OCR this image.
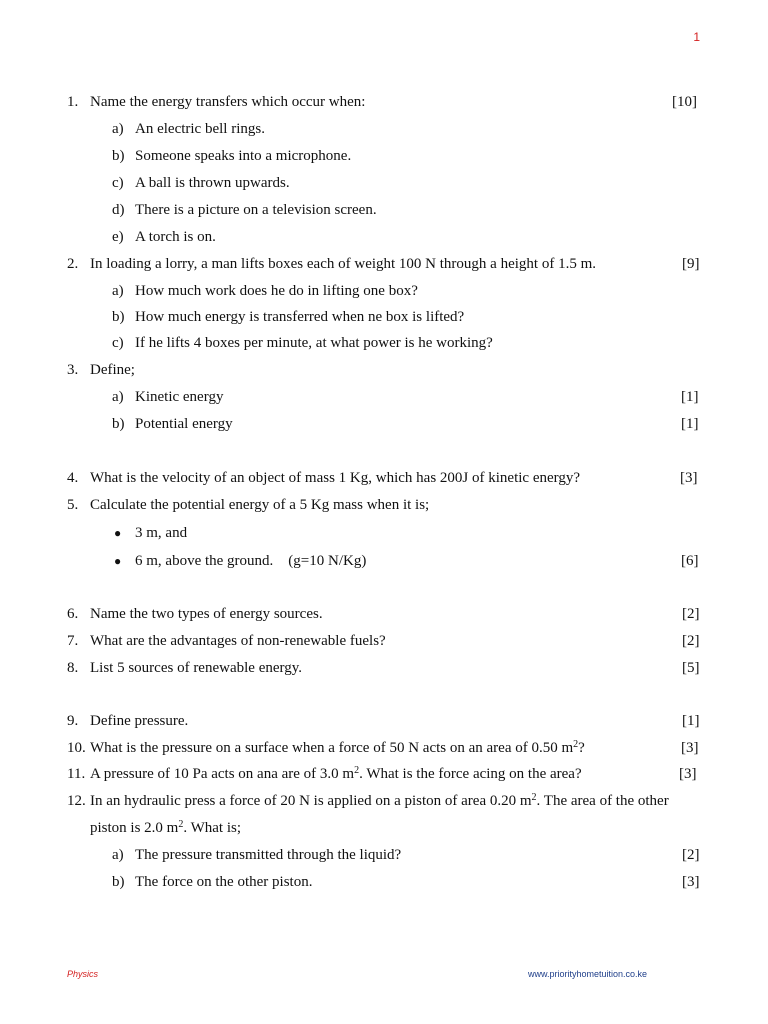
1
1. Name the energy transfers which occur when:	[10]
a) An electric bell rings.
b) Someone speaks into a microphone.
c) A ball is thrown upwards.
d) There is a picture on a television screen.
e) A torch is on.
2. In loading a lorry, a man lifts boxes each of weight 100 N through a height of 1.5 m.	[9]
a) How much work does he do in lifting one box?
b) How much energy is transferred when ne box is lifted?
c) If he lifts 4 boxes per minute, at what power is he working?
3. Define;
a) Kinetic energy	[1]
b) Potential energy	[1]
4. What is the velocity of an object of mass 1 Kg, which has 200J of kinetic energy?	[3]
5. Calculate the potential energy of a 5 Kg mass when it is;
● 3 m, and
● 6 m, above the ground.    (g=10 N/Kg)	[6]
6. Name the two types of energy sources.	[2]
7. What are the advantages of non-renewable fuels?	[2]
8. List 5 sources of renewable energy.	[5]
9. Define pressure.	[1]
10. What is the pressure on a surface when a force of 50 N acts on an area of 0.50 $m^2$?	[3]
11. A pressure of 10 Pa acts on ana are of 3.0 $m^2$. What is the force acing on the area?	[3]
12. In an hydraulic press a force of 20 N is applied on a piston of area 0.20 $m^2$. The area of the other
piston is 2.0 $m^2$. What is;
a) The pressure transmitted through the liquid?	[2]
b) The force on the other piston.	[3]
Physics	www.priorityhometuition.co.ke
